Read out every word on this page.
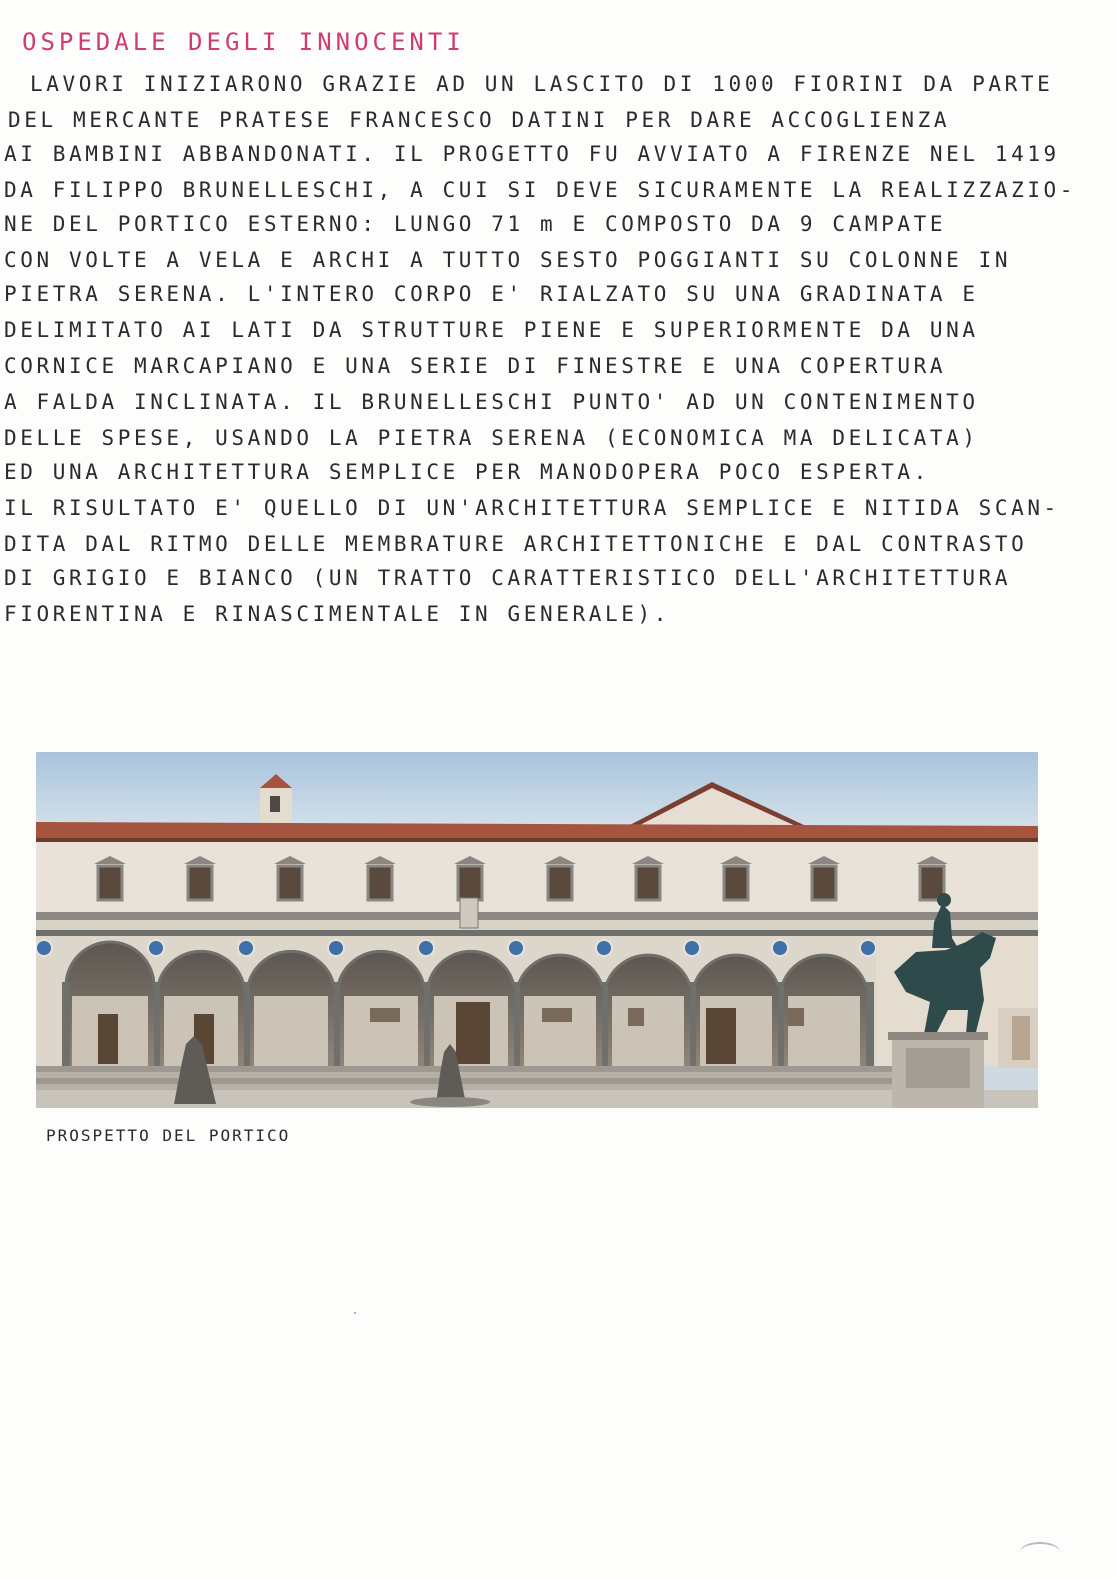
OSPEDALE DEGLI INNOCENTI
LAVORI INIZIARONO GRAZIE AD UN LASCITO DI 1000 FIORINI DA PARTE
DEL MERCANTE PRATESE FRANCESCO DATINI PER DARE ACCOGLIENZA
AI BAMBINI ABBANDONATI. IL PROGETTO FU AVVIATO A FIRENZE NEL 1419
DA FILIPPO BRUNELLESCHI, A CUI SI DEVE SICURAMENTE LA REALIZZAZIO-
NE DEL PORTICO ESTERNO: LUNGO 71 m E COMPOSTO DA 9 CAMPATE
CON VOLTE A VELA E ARCHI A TUTTO SESTO POGGIANTI SU COLONNE IN
PIETRA SERENA. L'INTERO CORPO E' RIALZATO SU UNA GRADINATA E
DELIMITATO AI LATI DA STRUTTURE PIENE E SUPERIORMENTE DA UNA
CORNICE MARCAPIANO E UNA SERIE DI FINESTRE E UNA COPERTURA
A FALDA INCLINATA. IL BRUNELLESCHI PUNTO' AD UN CONTENIMENTO
DELLE SPESE, USANDO LA PIETRA SERENA (ECONOMICA MA DELICATA)
ED UNA ARCHITETTURA SEMPLICE PER MANODOPERA POCO ESPERTA.
IL RISULTATO E' QUELLO DI UN'ARCHITETTURA SEMPLICE E NITIDA SCAN-
DITA DAL RITMO DELLE MEMBRATURE ARCHITETTONICHE E DAL CONTRASTO
DI GRIGIO E BIANCO (UN TRATTO CARATTERISTICO DELL'ARCHITETTURA
FIORENTINA E RINASCIMENTALE IN GENERALE).
PROSPETTO DEL PORTICO
